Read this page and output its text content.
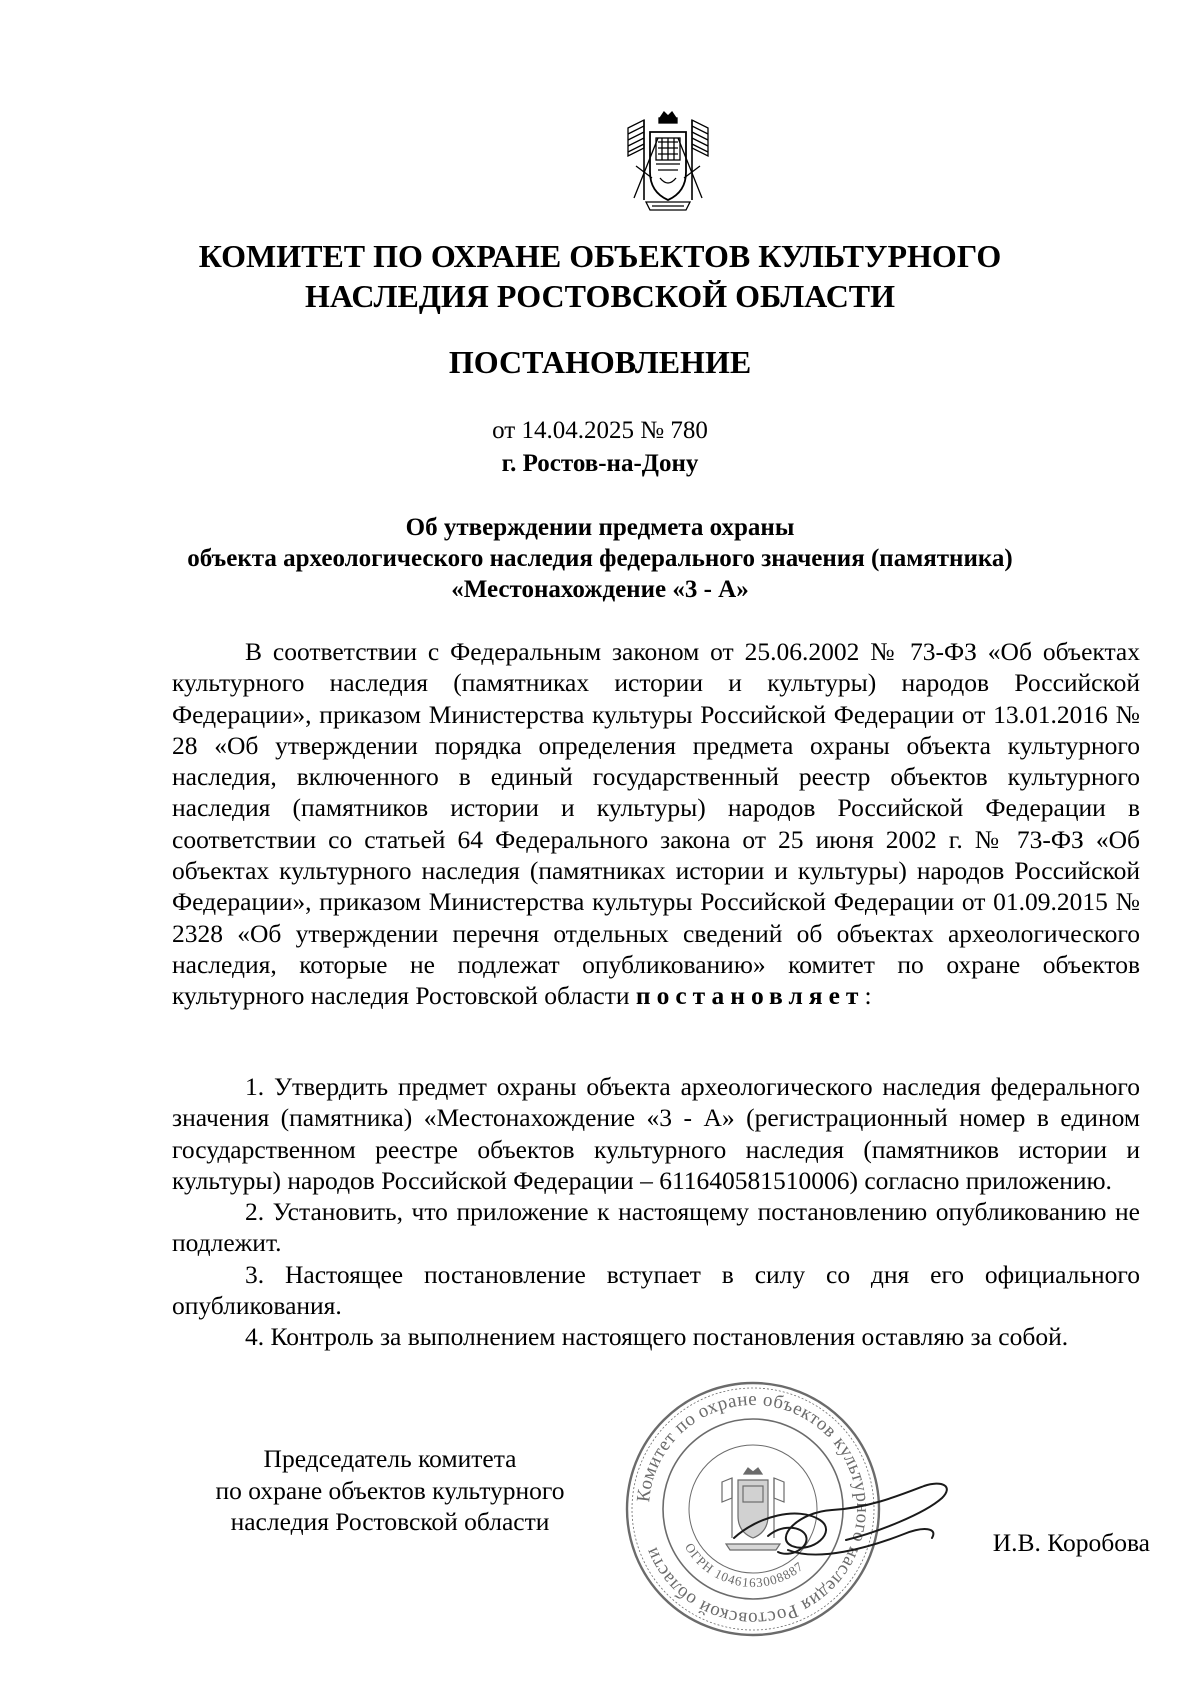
КОМИТЕТ ПО ОХРАНЕ ОБЪЕКТОВ КУЛЬТУРНОГО
НАСЛЕДИЯ РОСТОВСКОЙ ОБЛАСТИ
ПОСТАНОВЛЕНИЕ
от 14.04.2025 № 780
г. Ростов-на-Дону
Об утверждении предмета охраны
объекта археологического наследия федерального значения (памятника)
«Местонахождение «3 - А»
В соответствии с Федеральным законом от 25.06.2002 № 73-ФЗ «Об объектах культурного наследия (памятниках истории и культуры) народов Российской Федерации», приказом Министерства культуры Российской Федерации от 13.01.2016 № 28 «Об утверждении порядка определения предмета охраны объекта культурного наследия, включенного в единый государственный реестр объектов культурного наследия (памятников истории и культуры) народов Российской Федерации в соответствии со статьей 64 Федерального закона от 25 июня 2002 г. № 73-ФЗ «Об объектах культурного наследия (памятниках истории и культуры) народов Российской Федерации», приказом Министерства культуры Российской Федерации от 01.09.2015 № 2328 «Об утверждении перечня отдельных сведений об объектах археологического наследия, которые не подлежат опубликованию» комитет по охране объектов культурного наследия Ростовской области постановляет:

1. Утвердить предмет охраны объекта археологического наследия федерального значения (памятника) «Местонахождение «3 - А» (регистрационный номер в едином государственном реестре объектов культурного наследия (памятников истории и культуры) народов Российской Федерации – 611640581510006) согласно приложению.

2. Установить, что приложение к настоящему постановлению опубликованию не подлежит.

3. Настоящее постановление вступает в силу со дня его официального опубликования.

4. Контроль за выполнением настоящего постановления оставляю за собой.

Председатель комитета
по охране объектов культурного
наследия Ростовской области
Комитет по охране объектов культурного наследия Ростовской области	ОГРН 1046163008887
И.В. Коробова
